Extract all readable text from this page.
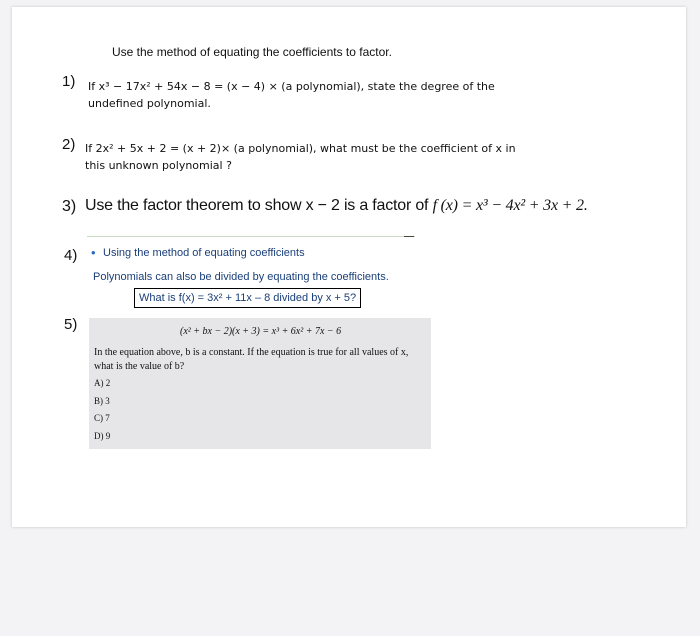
Use the method of equating the coefficients to factor.
1) If x³ − 17x² + 54x − 8 = (x − 4) × (a polynomial), state the degree of the
undefined polynomial.
2) If 2x² + 5x + 2 = (x + 2)× (a polynomial), what must be the coefficient of x in
this unknown polynomial ?
3) Use the factor theorem to show x − 2 is a factor of f (x) = x³ − 4x² + 3x + 2.
4) • Using the method of equating coefficients
Polynomials can also be divided by equating the coefficients.
What is f(x) = 3x² + 11x – 8 divided by x + 5?
5)	(x² + bx − 2)(x + 3) = x³ + 6x² + 7x − 6
In the equation above, b is a constant. If the equation is true for all values of x,
what is the value of b?
A) 2
B) 3
C) 7
D) 9
